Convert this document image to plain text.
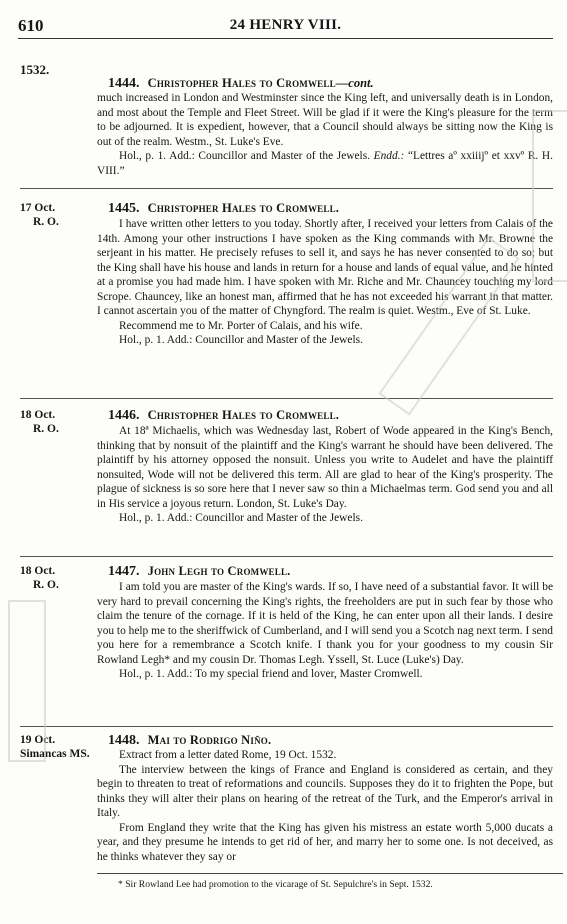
610	24 HENRY VIII.
1532.
1444. Christopher Hales to Cromwell—cont.

much increased in London and Westminster since the King left, and universally death is in London, and most about the Temple and Fleet Street. Will be glad if it were the King's pleasure for the term to be adjourned. It is expedient, however, that a Council should always be sitting now the King is out of the realm. Westm., St. Luke's Eve.

Hol., p. 1. Add.: Councillor and Master of the Jewels. Endd.: “Lettres aº xxiiijº et xxvº R. H. VIII.”

17 Oct.
R. O.
1445. Christopher Hales to Cromwell.

I have written other letters to you today. Shortly after, I received your letters from Calais of the 14th. Among your other instructions I have spoken as the King commands with Mr. Browne the serjeant in his matter. He precisely refuses to sell it, and says he has never consented to do so; but the King shall have his house and lands in return for a house and lands of equal value, and he hinted at a promise you had made him. I have spoken with Mr. Riche and Mr. Chauncey touching my lord Scrope. Chauncey, like an honest man, affirmed that he has not exceeded his warrant in that matter. I cannot ascertain you of the matter of Chyngford. The realm is quiet. Westm., Eve of St. Luke.

Recommend me to Mr. Porter of Calais, and his wife.

Hol., p. 1. Add.: Councillor and Master of the Jewels.

18 Oct.
R. O.
1446. Christopher Hales to Cromwell.

At 18ª Michaelis, which was Wednesday last, Robert of Wode appeared in the King's Bench, thinking that by nonsuit of the plaintiff and the King's warrant he should have been delivered. The plaintiff by his attorney opposed the nonsuit. Unless you write to Audelet and have the plaintiff nonsuited, Wode will not be delivered this term. All are glad to hear of the King's prosperity. The plague of sickness is so sore here that I never saw so thin a Michaelmas term. God send you and all in His service a joyous return. London, St. Luke's Day.

Hol., p. 1. Add.: Councillor and Master of the Jewels.

18 Oct.
R. O.
1447. John Legh to Cromwell.

I am told you are master of the King's wards. If so, I have need of a substantial favor. It will be very hard to prevail concerning the King's rights, the freeholders are put in such fear by those who claim the tenure of the cornage. If it is held of the King, he can enter upon all their lands. I desire you to help me to the sheriffwick of Cumberland, and I will send you a Scotch nag next term. I send you here for a remembrance a Scotch knife. I thank you for your goodness to my cousin Sir Rowland Legh* and my cousin Dr. Thomas Legh. Yssell, St. Luce (Luke's) Day.

Hol., p. 1. Add.: To my special friend and lover, Master Cromwell.

19 Oct.
Simancas MS.
1448. Mai to Rodrigo Niño.

Extract from a letter dated Rome, 19 Oct. 1532.

The interview between the kings of France and England is considered as certain, and they begin to threaten to treat of reformations and councils. Supposes they do it to frighten the Pope, but thinks they will alter their plans on hearing of the retreat of the Turk, and the Emperor's arrival in Italy.

From England they write that the King has given his mistress an estate worth 5,000 ducats a year, and they presume he intends to get rid of her, and marry her to some one. Is not deceived, as he thinks whatever they say or

* Sir Rowland Lee had promotion to the vicarage of St. Sepulchre's in Sept. 1532.
